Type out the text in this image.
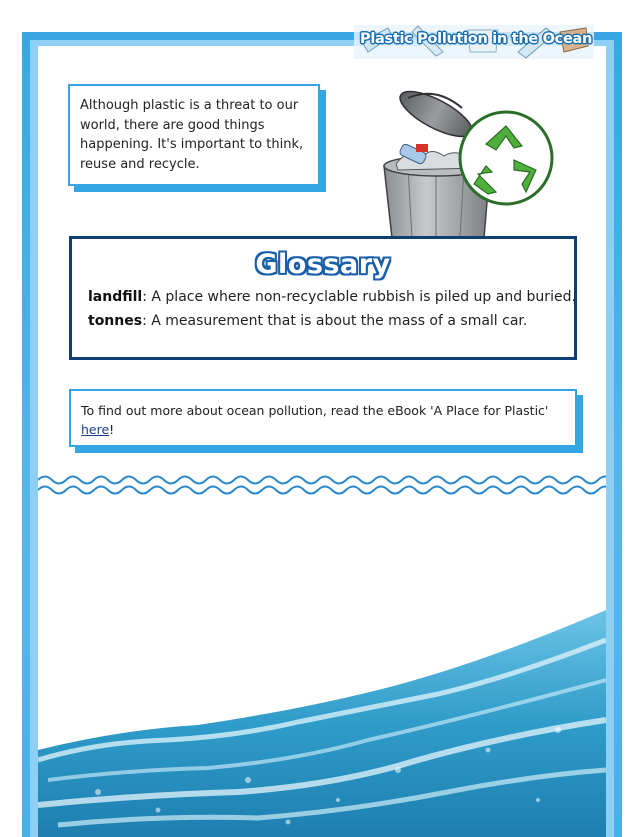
Plastic Pollution in the Ocean

Although plastic is a threat to our world, there are good things happening. It's important to think, reuse and recycle.

Glossary
landfill: A place where non-recyclable rubbish is piled up and buried.
tonnes: A measurement that is about the mass of a small car.

To find out more about ocean pollution, read the eBook 'A Place for Plastic' here!
